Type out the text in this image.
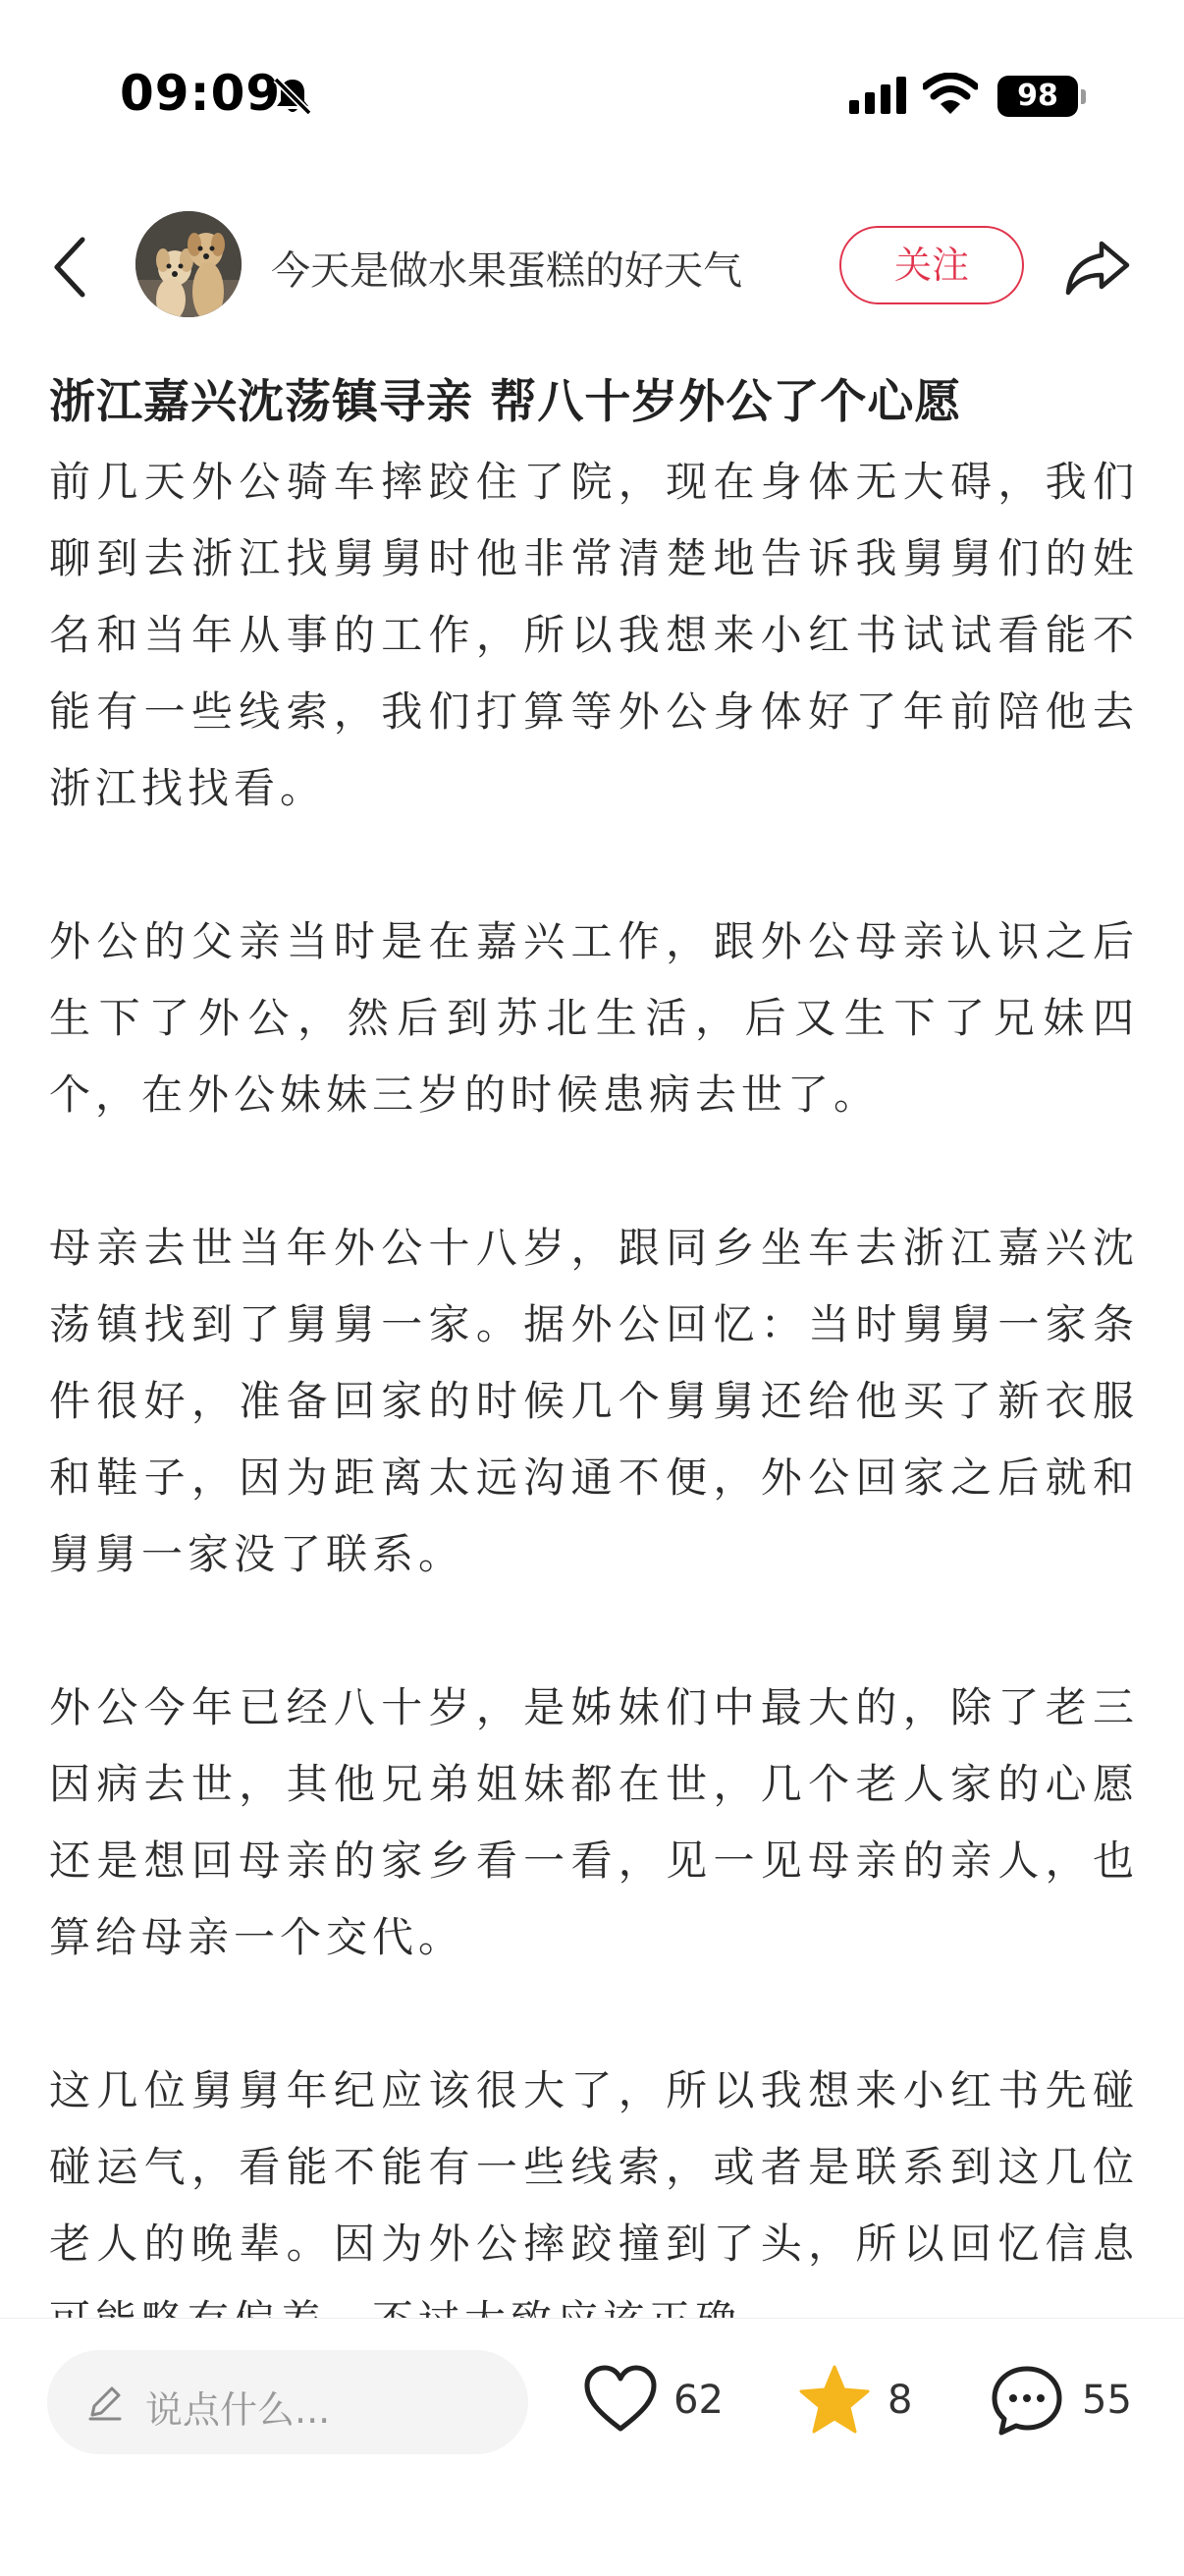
09:09	98
今天是做水果蛋糕的好天气	关注
浙江嘉兴沈荡镇寻亲 帮八十岁外公了个心愿

前几天外公骑车摔跤住了院，现在身体无大碍，我们聊到去浙江找舅舅时他非常清楚地告诉我舅舅们的姓名和当年从事的工作，所以我想来小红书试试看能不能有一些线索，我们打算等外公身体好了年前陪他去浙江找找看。

外公的父亲当时是在嘉兴工作，跟外公母亲认识之后生下了外公，然后到苏北生活，后又生下了兄妹四个，在外公妹妹三岁的时候患病去世了。

母亲去世当年外公十八岁，跟同乡坐车去浙江嘉兴沈荡镇找到了舅舅一家。据外公回忆：当时舅舅一家条件很好，准备回家的时候几个舅舅还给他买了新衣服和鞋子，因为距离太远沟通不便，外公回家之后就和舅舅一家没了联系。

外公今年已经八十岁，是姊妹们中最大的，除了老三因病去世，其他兄弟姐妹都在世，几个老人家的心愿还是想回母亲的家乡看一看，见一见母亲的亲人，也算给母亲一个交代。

这几位舅舅年纪应该很大了，所以我想来小红书先碰碰运气，看能不能有一些线索，或者是联系到这几位老人的晚辈。因为外公摔跤撞到了头，所以回忆信息

说点什么...	62	8	55
